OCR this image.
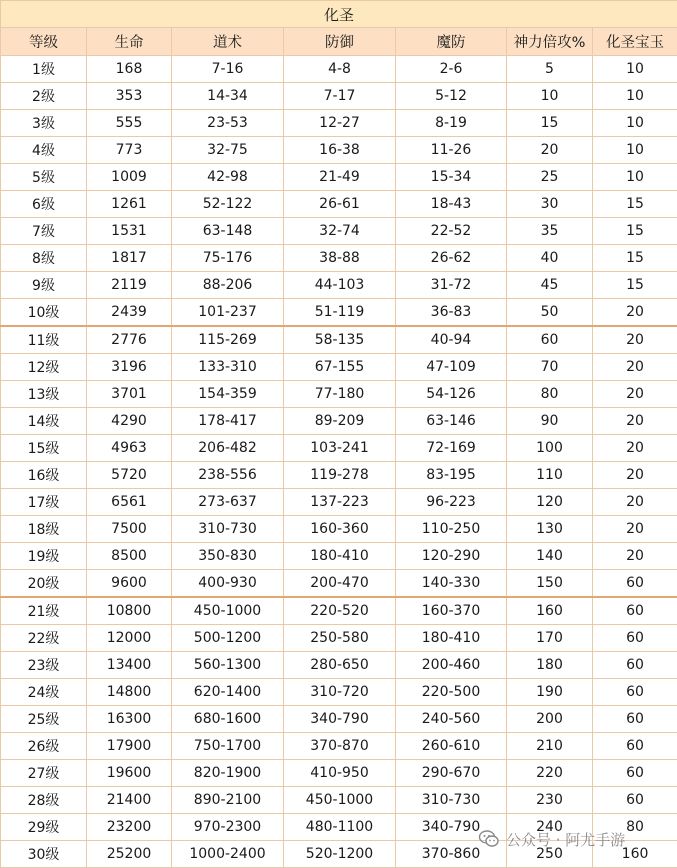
化圣						
等级	生命	道术	防御	魔防	神力倍攻%	化圣宝玉
1级	168	7-16	4-8	2-6	5	10
2级	353	14-34	7-17	5-12	10	10
3级	555	23-53	12-27	8-19	15	10
4级	773	32-75	16-38	11-26	20	10
5级	1009	42-98	21-49	15-34	25	10
6级	1261	52-122	26-61	18-43	30	15
7级	1531	63-148	32-74	22-52	35	15
8级	1817	75-176	38-88	26-62	40	15
9级	2119	88-206	44-103	31-72	45	15
10级	2439	101-237	51-119	36-83	50	20
11级	2776	115-269	58-135	40-94	60	20
12级	3196	133-310	67-155	47-109	70	20
13级	3701	154-359	77-180	54-126	80	20
14级	4290	178-417	89-209	63-146	90	20
15级	4963	206-482	103-241	72-169	100	20
16级	5720	238-556	119-278	83-195	110	20
17级	6561	273-637	137-223	96-223	120	20
18级	7500	310-730	160-360	110-250	130	20
19级	8500	350-830	180-410	120-290	140	20
20级	9600	400-930	200-470	140-330	150	60
21级	10800	450-1000	220-520	160-370	160	60
22级	12000	500-1200	250-580	180-410	170	60
23级	13400	560-1300	280-650	200-460	180	60
24级	14800	620-1400	310-720	220-500	190	60
25级	16300	680-1600	340-790	240-560	200	60
26级	17900	750-1700	370-870	260-610	210	60
27级	19600	820-1900	410-950	290-670	220	60
28级	21400	890-2100	450-1000	310-730	230	60
29级	23200	970-2300	480-1100	340-790	240	80
30级	25200	1000-2400	520-1200	370-860	250	160
公众号 · 阿尤手游
